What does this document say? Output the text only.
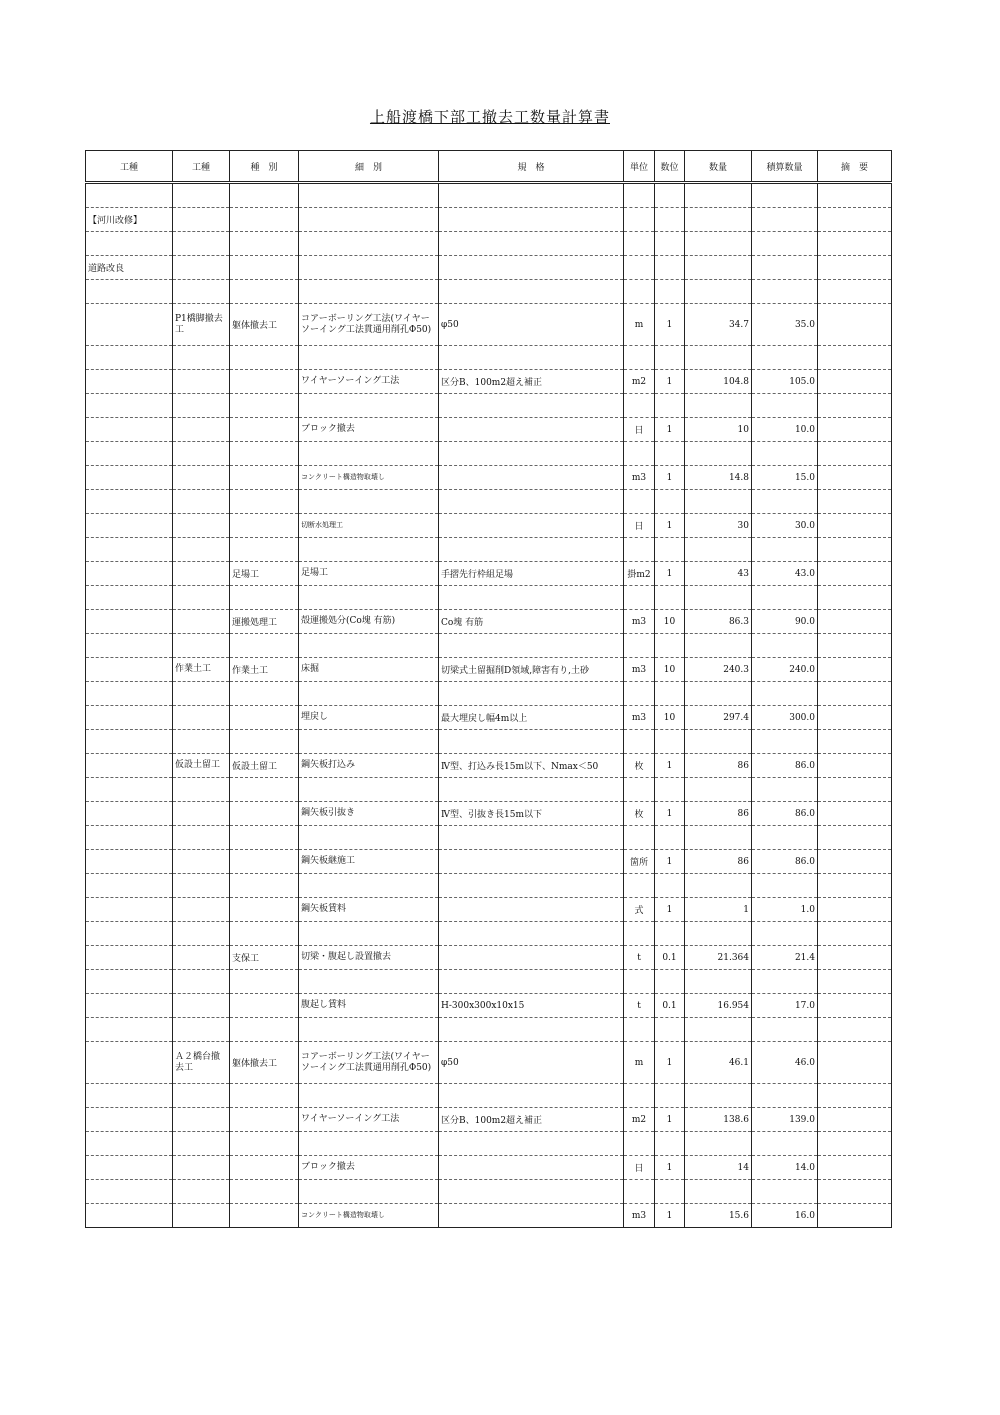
上船渡橋下部工撤去工数量計算書
工種	工種	種　別	細　別	規　格	単位	数位	数量	積算数量	摘　要

【河川改修】									

道路改良									

	P1橋脚撤去工	躯体撤去工	コアーボーリング工法(ワイヤーソーイング工法貫通用削孔Φ50)	φ50	m	1	34.7	35.0	

			ワイヤーソーイング工法	区分B、100m2超え補正	m2	1	104.8	105.0	

			ブロック撤去		日	1	10	10.0	

			コンクリート構造物取壊し		m3	1	14.8	15.0	

			切断水処理工		日	1	30	30.0	

		足場工	足場工	手摺先行枠組足場	掛m2	1	43	43.0	

		運搬処理工	殻運搬処分(Co塊 有筋)	Co塊 有筋	m3	10	86.3	90.0	

	作業土工	作業土工	床掘	切梁式土留掘削D領域,障害有り,土砂	m3	10	240.3	240.0	

			埋戻し	最大埋戻し幅4m以上	m3	10	297.4	300.0	

	仮設土留工	仮設土留工	鋼矢板打込み	Ⅳ型、打込み長15m以下、Nmax＜50	枚	1	86	86.0	

			鋼矢板引抜き	Ⅳ型、引抜き長15m以下	枚	1	86	86.0	

			鋼矢板継施工		箇所	1	86	86.0	

			鋼矢板賃料		式	1	1	1.0	

		支保工	切梁・腹起し設置撤去		t	0.1	21.364	21.4	

			腹起し賃料	H-300x300x10x15	t	0.1	16.954	17.0	

	Ａ２橋台撤去工	躯体撤去工	コアーボーリング工法(ワイヤーソーイング工法貫通用削孔Φ50)	φ50	m	1	46.1	46.0	

			ワイヤーソーイング工法	区分B、100m2超え補正	m2	1	138.6	139.0	

			ブロック撤去		日	1	14	14.0	

			コンクリート構造物取壊し		m3	1	15.6	16.0	
